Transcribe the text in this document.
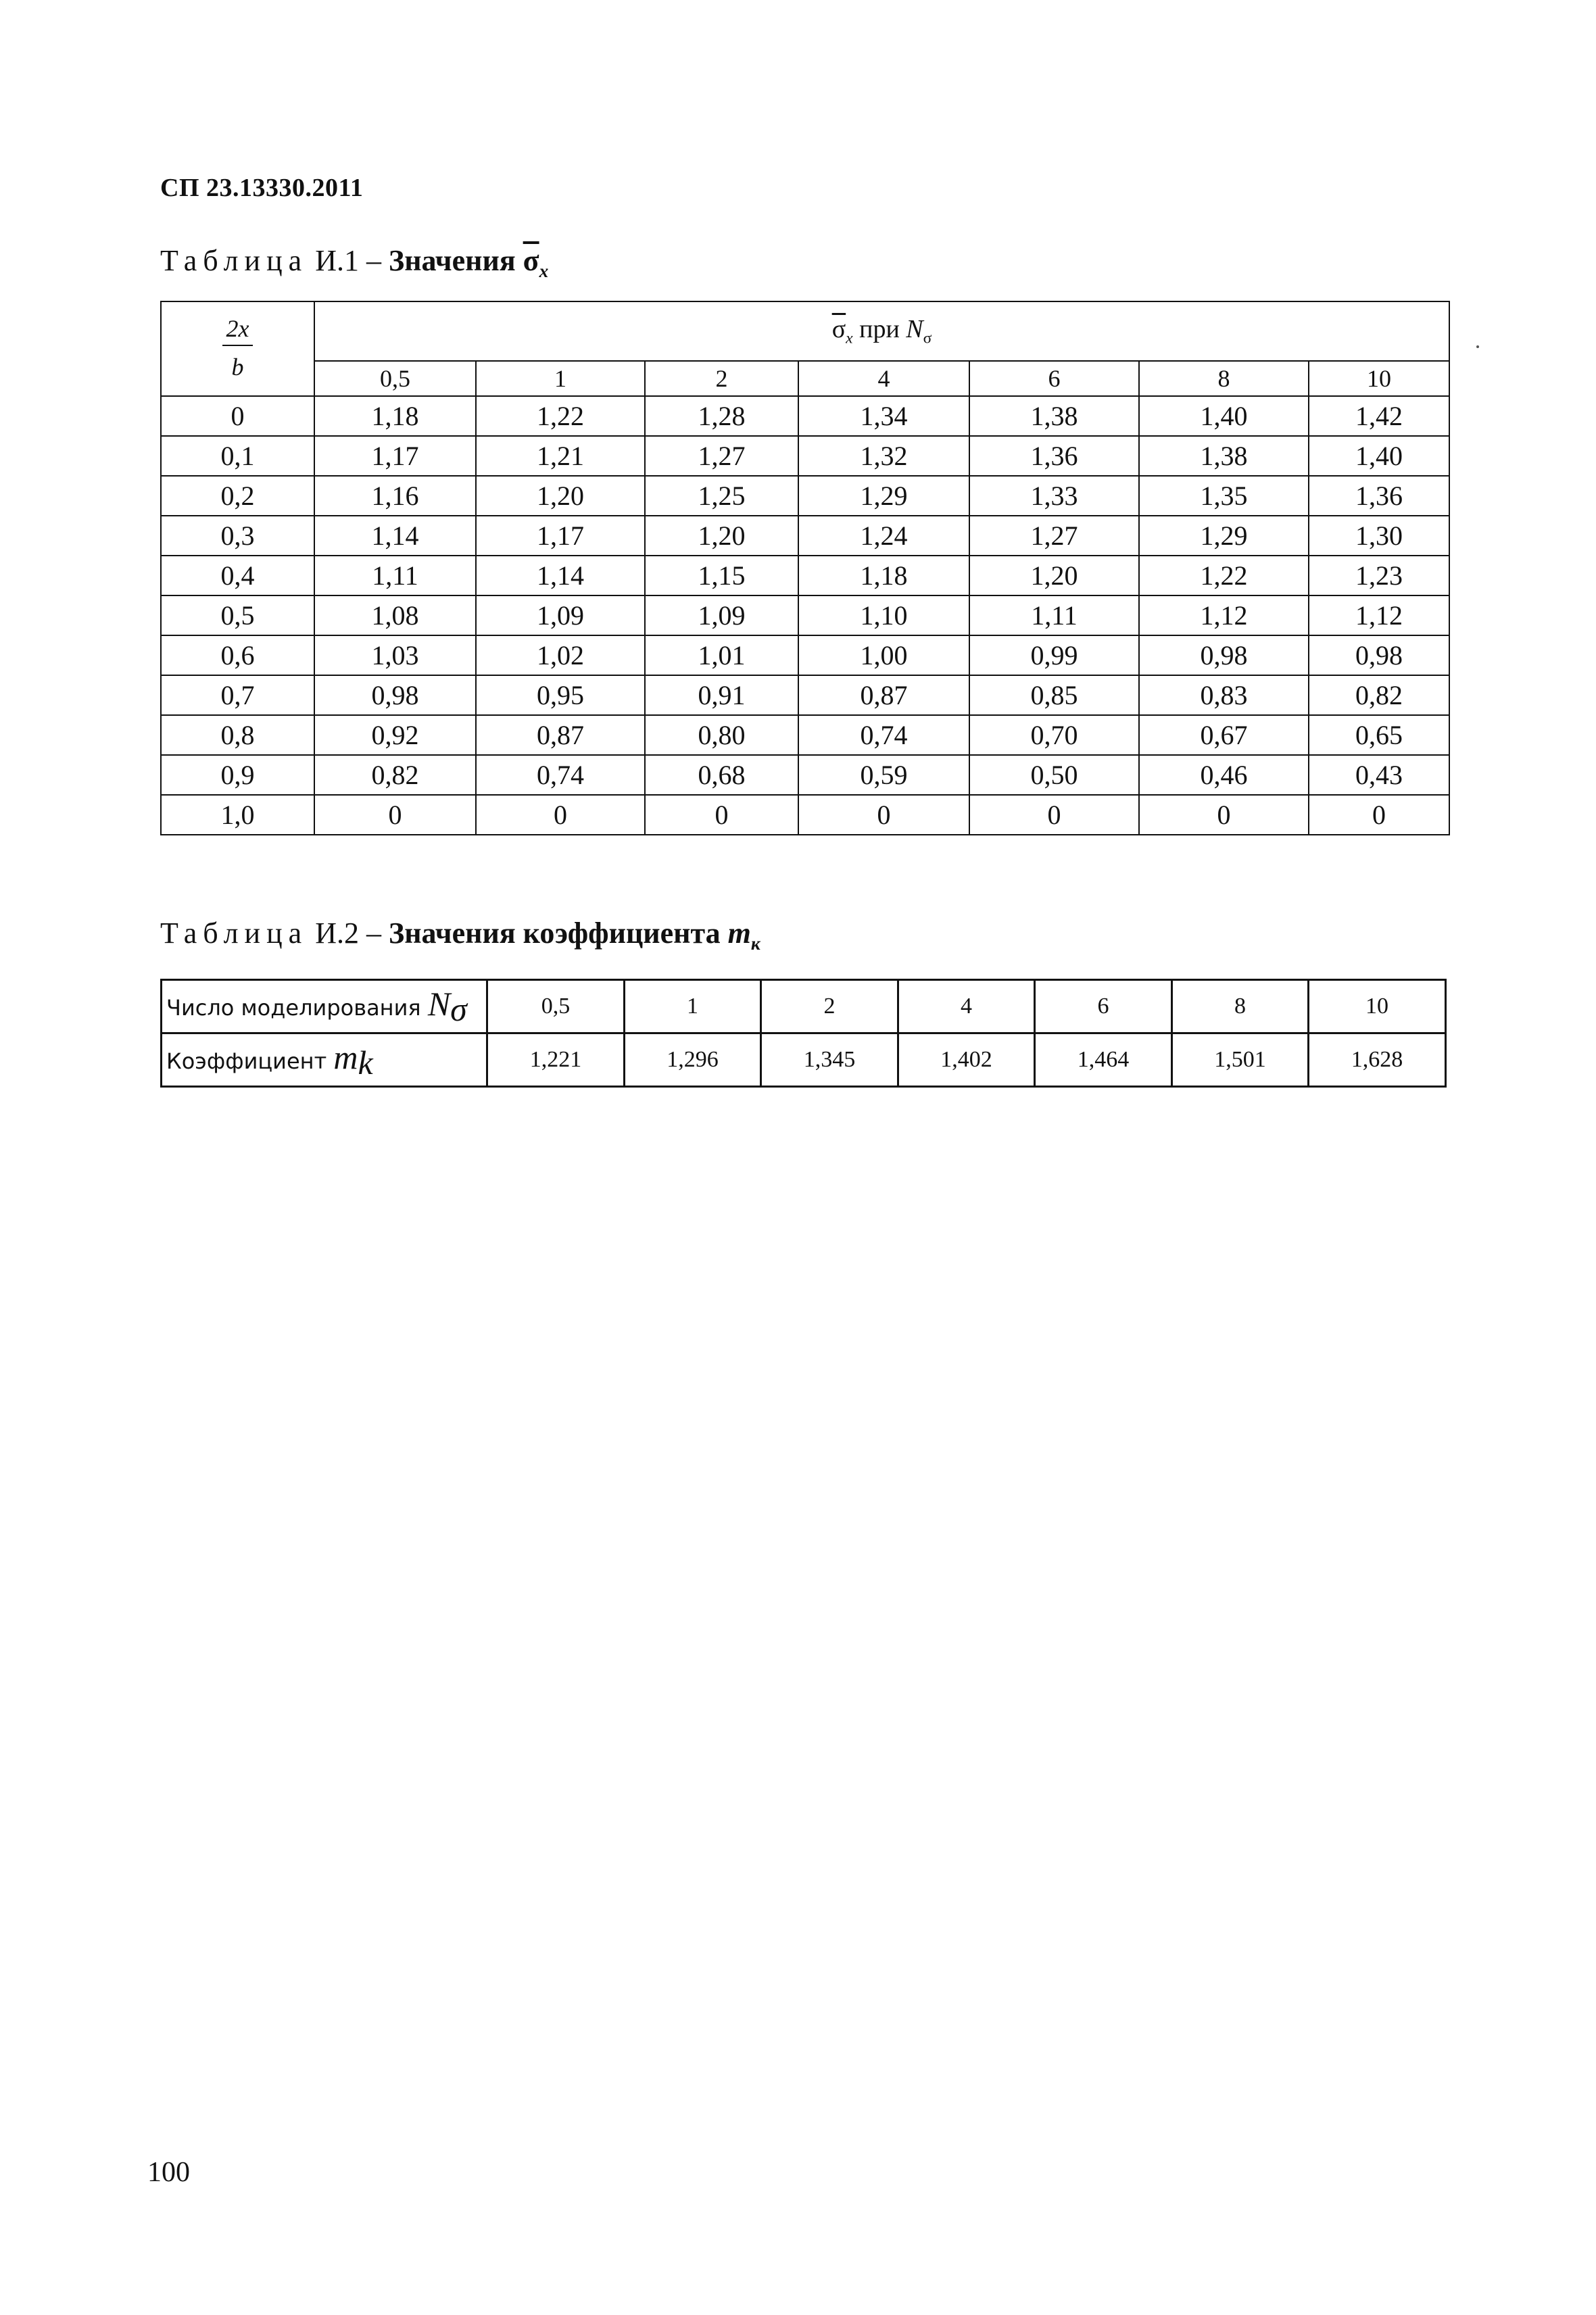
СП 23.13330.2011
Таблица И.1 – Значения $\overline{\sigma}_x$
$\frac{2x}{b}$	$\overline{\sigma}_x$ при $N_\sigma$
	0,5	1	2	4	6	8	10
0	1,18	1,22	1,28	1,34	1,38	1,40	1,42
0,1	1,17	1,21	1,27	1,32	1,36	1,38	1,40
0,2	1,16	1,20	1,25	1,29	1,33	1,35	1,36
0,3	1,14	1,17	1,20	1,24	1,27	1,29	1,30
0,4	1,11	1,14	1,15	1,18	1,20	1,22	1,23
0,5	1,08	1,09	1,09	1,10	1,11	1,12	1,12
0,6	1,03	1,02	1,01	1,00	0,99	0,98	0,98
0,7	0,98	0,95	0,91	0,87	0,85	0,83	0,82
0,8	0,92	0,87	0,80	0,74	0,70	0,67	0,65
0,9	0,82	0,74	0,68	0,59	0,50	0,46	0,43
1,0	0	0	0	0	0	0	0
Таблица И.2 – Значения коэффициента $m_к$
Число моделирования $N_\sigma$	0,5	1	2	4	6	8	10
Коэффициент $m_k$	1,221	1,296	1,345	1,402	1,464	1,501	1,628
100
